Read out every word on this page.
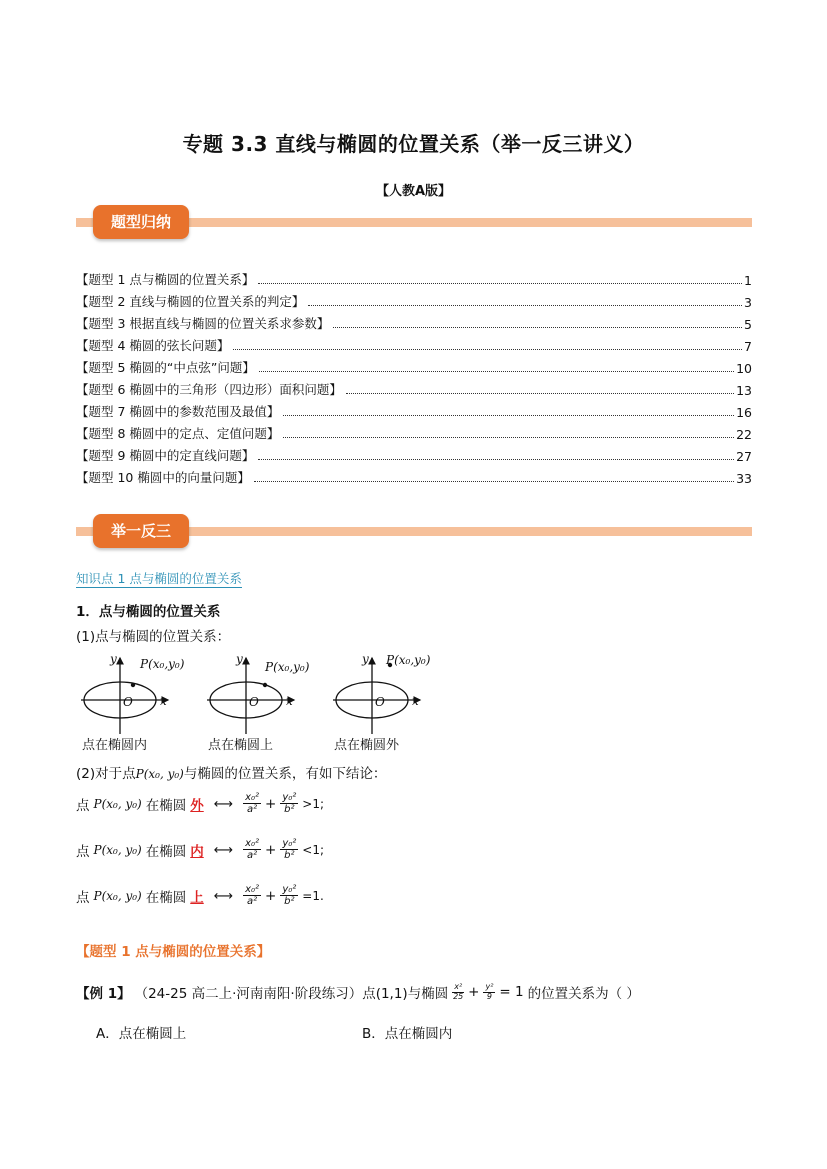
专题 3.3 直线与椭圆的位置关系（举一反三讲义）
【人教A版】
题型归纳
【题型 1 点与椭圆的位置关系】	1
【题型 2 直线与椭圆的位置关系的判定】	3
【题型 3 根据直线与椭圆的位置关系求参数】	5
【题型 4 椭圆的弦长问题】	7
【题型 5 椭圆的“中点弦”问题】	10
【题型 6 椭圆中的三角形（四边形）面积问题】	13
【题型 7 椭圆中的参数范围及最值】	16
【题型 8 椭圆中的定点、定值问题】	22
【题型 9 椭圆中的定直线问题】	27
【题型 10 椭圆中的向量问题】	33
举一反三
知识点 1 点与椭圆的位置关系
1．点与椭圆的位置关系
(1)点与椭圆的位置关系：
y P(x₀,y₀)
x
O
点在椭圆内
y
P(x₀,y₀)
x
O
点在椭圆上
y P(x₀,y₀)
x
O
点在椭圆外
(2)对于点P(x₀, y₀)与椭圆的位置关系，有如下结论：
点 P(x₀, y₀) 在椭圆 外 ⟷ $\frac{\text{x₀²}}{\text{a²}} + \frac{\text{y₀²}}{\text{b²}} >1$;
点 P(x₀, y₀) 在椭圆 内 ⟷ $\frac{\text{x₀²}}{\text{a²}} + \frac{\text{y₀²}}{\text{b²}} <1$;
点 P(x₀, y₀) 在椭圆 上 ⟷ $\frac{\text{x₀²}}{\text{a²}} + \frac{\text{y₀²}}{\text{b²}} =1$.
【题型 1 点与椭圆的位置关系】
【例 1】 （24-25 高二上·河南南阳·阶段练习）点(1,1)与椭圆 $\frac{\text{x²}}{25} + \frac{\text{y²}}{9} = 1$ 的位置关系为（ ）
A．点在椭圆上	B．点在椭圆内
